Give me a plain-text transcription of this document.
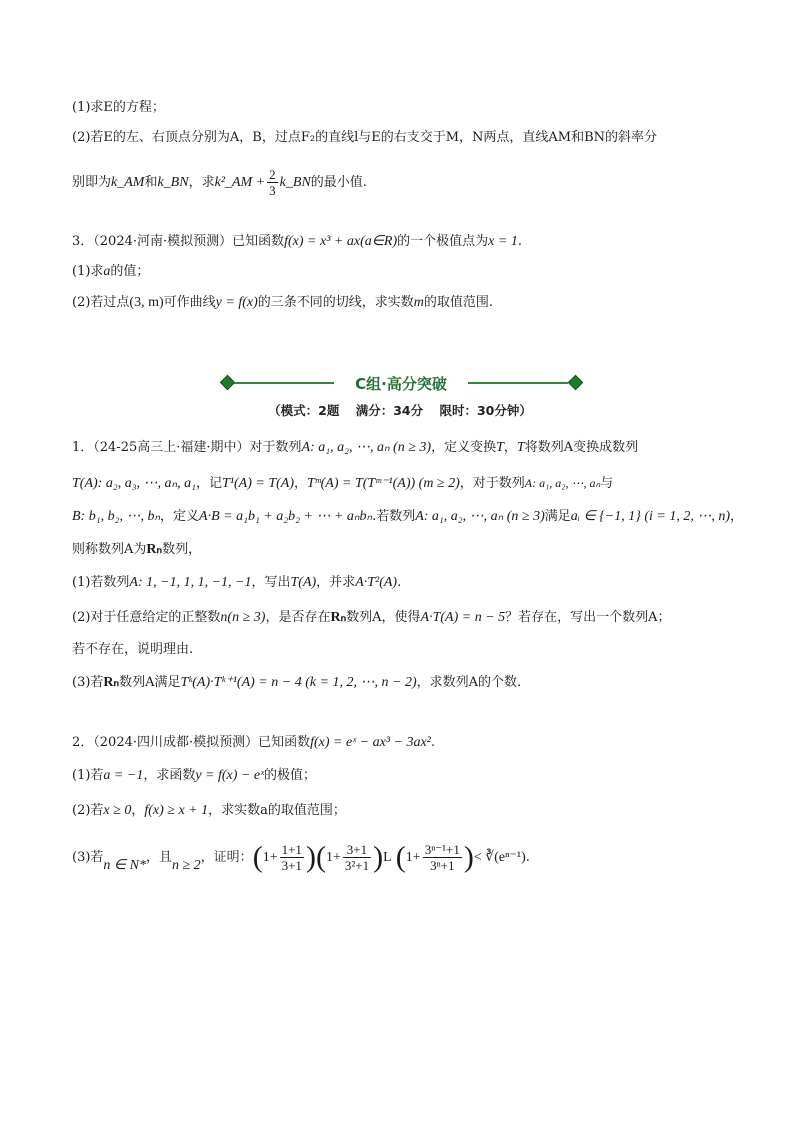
(1)求E的方程；
(2)若E的左、右顶点分别为A，B，过点F₂的直线l与E的右支交于M，N两点，直线AM和BN的斜率分
别即为k_AM和k_BN，求k²_AM + $\frac{2}{3}$ k_BN的最小值.
3．（2024·河南·模拟预测）已知函数f(x) = x³ + ax(a∈R)的一个极值点为x = 1.
(1)求a的值；
(2)若过点(3, m)可作曲线y = f(x)的三条不同的切线，求实数m的取值范围.
C组·高分突破
（模式：2题 满分：34分 限时：30分钟）
1．（24-25高三上·福建·期中）对于数列A: a₁, a₂, ⋯, aₙ (n ≥ 3)，定义变换T，T将数列A变换成数列
T(A): a₂, a₃, ⋯, aₙ, a₁，记T¹(A) = T(A)，Tᵐ(A) = T(Tᵐ⁻¹(A)) (m ≥ 2)，对于数列A: a₁, a₂, ⋯, aₙ与
B: b₁, b₂, ⋯, bₙ，定义A·B = a₁b₁ + a₂b₂ + ⋯ + aₙbₙ.若数列A: a₁, a₂, ⋯, aₙ (n ≥ 3)满足aᵢ ∈ {−1, 1} (i = 1, 2, ⋯, n)，
则称数列A为Rₙ数列，
(1)若数列A: 1, −1, 1, 1, −1, −1，写出T(A)，并求A·T²(A).
(2)对于任意给定的正整数n(n ≥ 3)，是否存在Rₙ数列A，使得A·T(A) = n − 5？若存在，写出一个数列A；
若不存在，说明理由.
(3)若Rₙ数列A满足Tᵏ(A)·Tᵏ⁺¹(A) = n − 4 (k = 1, 2, ⋯, n − 2)，求数列A的个数.
2．（2024·四川成都·模拟预测）已知函数f(x) = eˣ − ax³ − 3ax².
(1)若a = −1，求函数y = f(x) − eˣ的极值；
(2)若x ≥ 0，f(x) ≥ x + 1，求实数a的取值范围；
(3)若n ∈ N*，且n ≥ 2，证明：$(1+ \frac{1+1}{3+1} )(1+ \frac{3+1}{\text{3²+1}} )L$ ($1+ \frac{\text{3ⁿ⁻¹+1}}{\text{3ⁿ+1}}$ )< ∛(eⁿ⁻¹).
